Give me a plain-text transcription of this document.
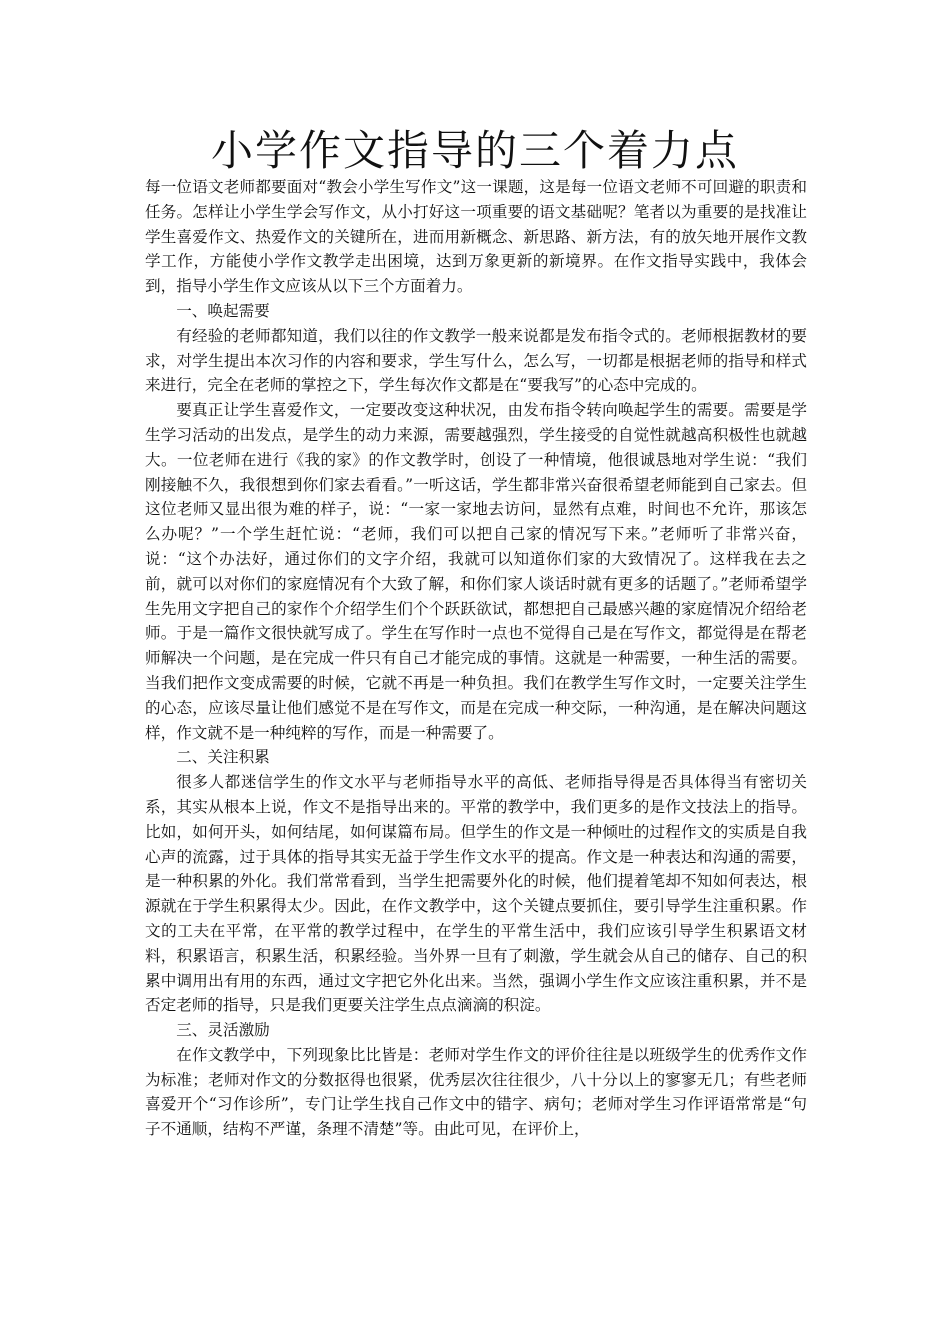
小学作文指导的三个着力点

每一位语文老师都要面对“教会小学生写作文”这一课题，这是每一位语文老师不可回避的职责和任务。怎样让小学生学会写作文，从小打好这一项重要的语文基础呢？笔者以为重要的是找准让学生喜爱作文、热爱作文的关键所在，进而用新概念、新思路、新方法，有的放矢地开展作文教学工作，方能使小学作文教学走出困境，达到万象更新的新境界。在作文指导实践中，我体会到，指导小学生作文应该从以下三个方面着力。

一、唤起需要

有经验的老师都知道，我们以往的作文教学一般来说都是发布指令式的。老师根据教材的要求，对学生提出本次习作的内容和要求，学生写什么，怎么写，一切都是根据老师的指导和样式来进行，完全在老师的掌控之下，学生每次作文都是在“要我写”的心态中完成的。

要真正让学生喜爱作文，一定要改变这种状况，由发布指令转向唤起学生的需要。需要是学生学习活动的出发点，是学生的动力来源，需要越强烈，学生接受的自觉性就越高积极性也就越大。一位老师在进行《我的家》的作文教学时，创设了一种情境，他很诚恳地对学生说：“我们刚接触不久，我很想到你们家去看看。”一听这话，学生都非常兴奋很希望老师能到自己家去。但这位老师又显出很为难的样子，说：“一家一家地去访问，显然有点难，时间也不允许，那该怎么办呢？”一个学生赶忙说：“老师，我们可以把自己家的情况写下来。”老师听了非常兴奋，说：“这个办法好，通过你们的文字介绍，我就可以知道你们家的大致情况了。这样我在去之前，就可以对你们的家庭情况有个大致了解，和你们家人谈话时就有更多的话题了。”老师希望学生先用文字把自己的家作个介绍学生们个个跃跃欲试，都想把自己最感兴趣的家庭情况介绍给老师。于是一篇作文很快就写成了。学生在写作时一点也不觉得自己是在写作文，都觉得是在帮老师解决一个问题，是在完成一件只有自己才能完成的事情。这就是一种需要，一种生活的需要。当我们把作文变成需要的时候，它就不再是一种负担。我们在教学生写作文时，一定要关注学生的心态，应该尽量让他们感觉不是在写作文，而是在完成一种交际，一种沟通，是在解决问题这样，作文就不是一种纯粹的写作，而是一种需要了。

二、关注积累

很多人都迷信学生的作文水平与老师指导水平的高低、老师指导得是否具体得当有密切关系，其实从根本上说，作文不是指导出来的。平常的教学中，我们更多的是作文技法上的指导。比如，如何开头，如何结尾，如何谋篇布局。但学生的作文是一种倾吐的过程作文的实质是自我心声的流露，过于具体的指导其实无益于学生作文水平的提高。作文是一种表达和沟通的需要，是一种积累的外化。我们常常看到，当学生把需要外化的时候，他们提着笔却不知如何表达，根源就在于学生积累得太少。因此，在作文教学中，这个关键点要抓住，要引导学生注重积累。作文的工夫在平常，在平常的教学过程中，在学生的平常生活中，我们应该引导学生积累语文材料，积累语言，积累生活，积累经验。当外界一旦有了刺激，学生就会从自己的储存、自己的积累中调用出有用的东西，通过文字把它外化出来。当然，强调小学生作文应该注重积累，并不是否定老师的指导，只是我们更要关注学生点点滴滴的积淀。

三、灵活激励

在作文教学中，下列现象比比皆是：老师对学生作文的评价往往是以班级学生的优秀作文作为标准；老师对作文的分数抠得也很紧，优秀层次往往很少，八十分以上的寥寥无几；有些老师喜爱开个“习作诊所”，专门让学生找自己作文中的错字、病句；老师对学生习作评语常常是“句子不通顺，结构不严谨，条理不清楚”等。由此可见，在评价上，
